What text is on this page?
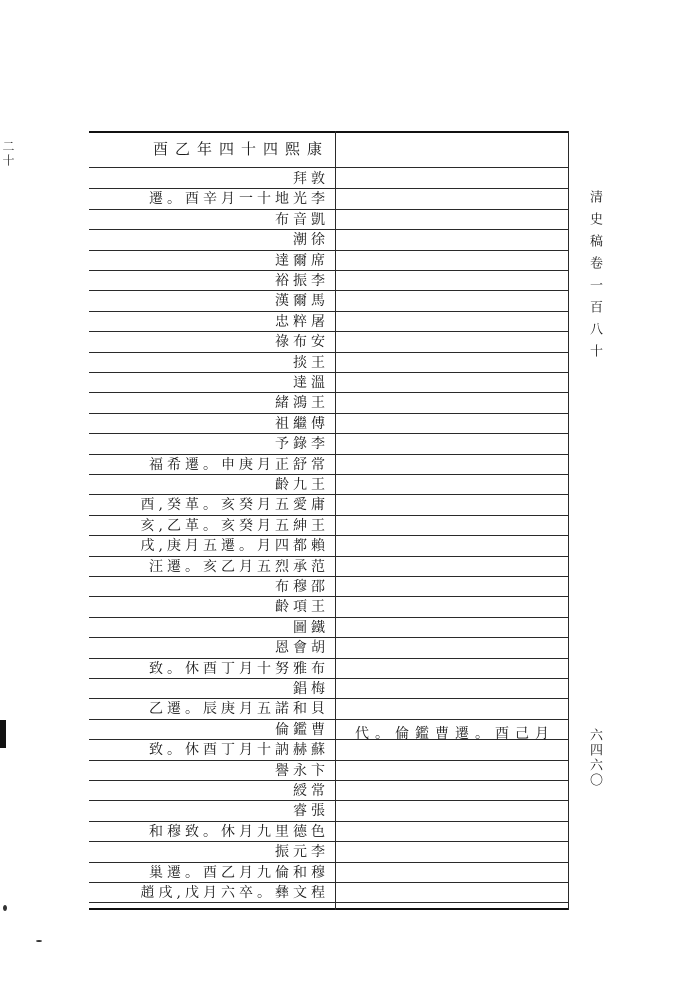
二十	酉乙年四十四熙康
拜敦
遷。酉辛月一十地光李
布音凱
潮徐
達爾席
裕振李
漢爾馬
忠粹屠
祿布安
掞王
達溫
緒鴻王
祖繼傅
予錄李
福希遷。申庚月正舒常
齡九王
酉,癸革。亥癸月五愛庸
亥,乙革。亥癸月五紳王
戌,庚月五遷。月四都賴
汪遷。亥乙月五烈承范
布穆邵
齡項王
圖鐵
恩會胡
致。休酉丁月十努雅布
錩梅
乙遷。辰庚月五諾和貝
倫鑑曹
致。休酉丁月十訥赫蘇
譽永卞
綬常
睿張
和穆致。休月九里德色
振元李
巢遷。酉乙月九倫和穆
趙戌,戊月六卒。彝文程
代。倫鑑曹遷。酉己月
清史稿卷一百八十
六四六〇
